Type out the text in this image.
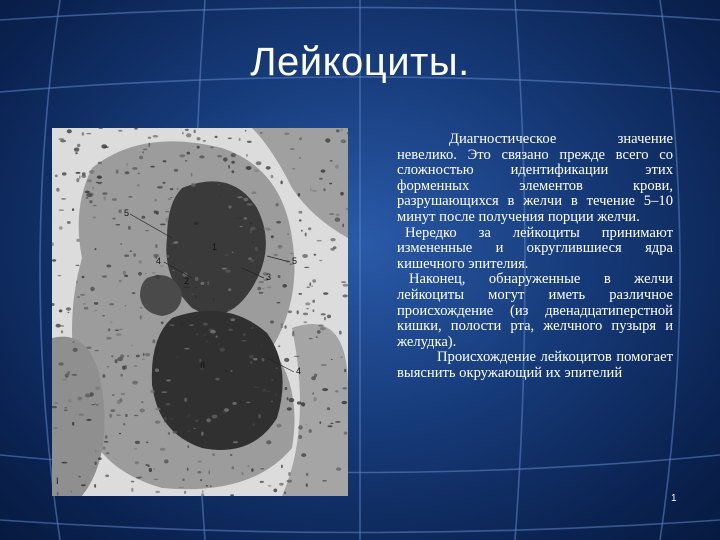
Лейкоциты.
5
1
4
3
2
5
II
4
I

Диагностическое значение невелико. Это связано прежде всего со сложностью идентификации этих форменных элементов крови, разрушающихся в желчи в течение 5–10 минут после получения порции желчи.

Нередко за лейкоциты принимают измененные и округлившиеся ядра кишечного эпителия.

Наконец, обнаруженные в желчи лейкоциты могут иметь различное происхождение (из двенадцатиперстной кишки, полости рта, желчного пузыря и желудка).

Происхождение лейкоцитов помогает выяснить окружающий их эпителий

1
